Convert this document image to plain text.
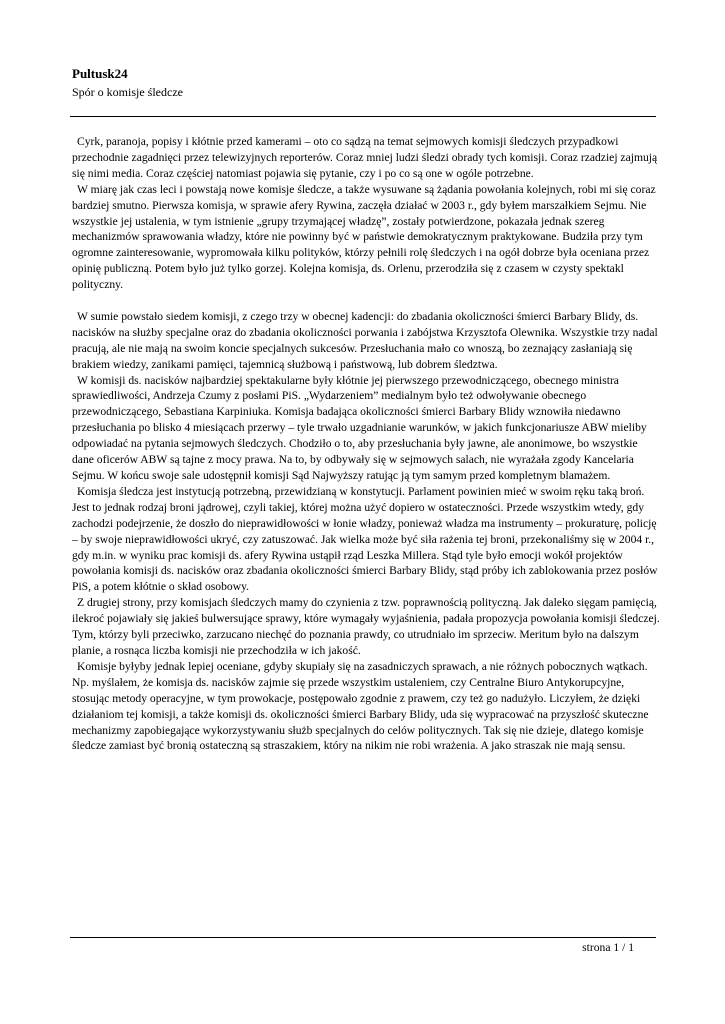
Pultusk24

Spór o komisje śledcze

Cyrk, paranoja, popisy i kłótnie przed kamerami – oto co sądzą na temat sejmowych komisji śledczych przypadkowi przechodnie zagadnięci przez telewizyjnych reporterów. Coraz mniej ludzi śledzi obrady tych komisji. Coraz rzadziej zajmują się nimi media. Coraz częściej natomiast pojawia się pytanie, czy i po co są one w ogóle potrzebne.

W miarę jak czas leci i powstają nowe komisje śledcze, a także wysuwane są żądania powołania kolejnych, robi mi się coraz bardziej smutno. Pierwsza komisja, w sprawie afery Rywina, zaczęła działać w 2003 r., gdy byłem marszałkiem Sejmu. Nie wszystkie jej ustalenia, w tym istnienie „grupy trzymającej władzę”, zostały potwierdzone, pokazała jednak szereg mechanizmów sprawowania władzy, które nie powinny być w państwie demokratycznym praktykowane. Budziła przy tym ogromne zainteresowanie, wypromowała kilku polityków, którzy pełnili rolę śledczych i na ogół dobrze była oceniana przez opinię publiczną. Potem było już tylko gorzej. Kolejna komisja, ds. Orlenu, przerodziła się z czasem w czysty spektakl polityczny.

W sumie powstało siedem komisji, z czego trzy w obecnej kadencji: do zbadania okoliczności śmierci Barbary Blidy, ds. nacisków na służby specjalne oraz do zbadania okoliczności porwania i zabójstwa Krzysztofa Olewnika. Wszystkie trzy nadal pracują, ale nie mają na swoim koncie specjalnych sukcesów. Przesłuchania mało co wnoszą, bo zeznający zasłaniają się brakiem wiedzy, zanikami pamięci, tajemnicą służbową i państwową, lub dobrem śledztwa.

W komisji ds. nacisków najbardziej spektakularne były kłótnie jej pierwszego przewodniczącego, obecnego ministra sprawiedliwości, Andrzeja Czumy z posłami PiS. „Wydarzeniem” medialnym było też odwoływanie obecnego przewodniczącego, Sebastiana Karpiniuka. Komisja badająca okoliczności śmierci Barbary Blidy wznowiła niedawno przesłuchania po blisko 4 miesiącach przerwy – tyle trwało uzgadnianie warunków, w jakich funkcjonariusze ABW mieliby odpowiadać na pytania sejmowych śledczych. Chodziło o to, aby przesłuchania były jawne, ale anonimowe, bo wszystkie dane oficerów ABW są tajne z mocy prawa. Na to, by odbywały się w sejmowych salach, nie wyrażała zgody Kancelaria Sejmu. W końcu swoje sale udostępnił komisji Sąd Najwyższy ratując ją tym samym przed kompletnym blamażem.

Komisja śledcza jest instytucją potrzebną, przewidzianą w konstytucji. Parlament powinien mieć w swoim ręku taką broń. Jest to jednak rodzaj broni jądrowej, czyli takiej, której można użyć dopiero w ostateczności. Przede wszystkim wtedy, gdy zachodzi podejrzenie, że doszło do nieprawidłowości w łonie władzy, ponieważ władza ma instrumenty – prokuraturę, policję – by swoje nieprawidłowości ukryć, czy zatuszować. Jak wielka może być siła rażenia tej broni, przekonaliśmy się w 2004 r., gdy m.in. w wyniku prac komisji ds. afery Rywina ustąpił rząd Leszka Millera. Stąd tyle było emocji wokół projektów powołania komisji ds. nacisków oraz zbadania okoliczności śmierci Barbary Blidy, stąd próby ich zablokowania przez posłów PiS, a potem kłótnie o skład osobowy.

Z drugiej strony, przy komisjach śledczych mamy do czynienia z tzw. poprawnością polityczną. Jak daleko sięgam pamięcią, ilekroć pojawiały się jakieś bulwersujące sprawy, które wymagały wyjaśnienia, padała propozycja powołania komisji śledczej. Tym, którzy byli przeciwko, zarzucano niechęć do poznania prawdy, co utrudniało im sprzeciw. Meritum było na dalszym planie, a rosnąca liczba komisji nie przechodziła w ich jakość.

Komisje byłyby jednak lepiej oceniane, gdyby skupiały się na zasadniczych sprawach, a nie różnych pobocznych wątkach. Np. myślałem, że komisja ds. nacisków zajmie się przede wszystkim ustaleniem, czy Centralne Biuro Antykorupcyjne, stosując metody operacyjne, w tym prowokacje, postępowało zgodnie z prawem, czy też go nadużyło. Liczyłem, że dzięki działaniom tej komisji, a także komisji ds. okoliczności śmierci Barbary Blidy, uda się wypracować na przyszłość skuteczne mechanizmy zapobiegające wykorzystywaniu służb specjalnych do celów politycznych. Tak się nie dzieje, dlatego komisje śledcze zamiast być bronią ostateczną są straszakiem, który na nikim nie robi wrażenia. A jako straszak nie mają sensu.

strona 1 / 1
